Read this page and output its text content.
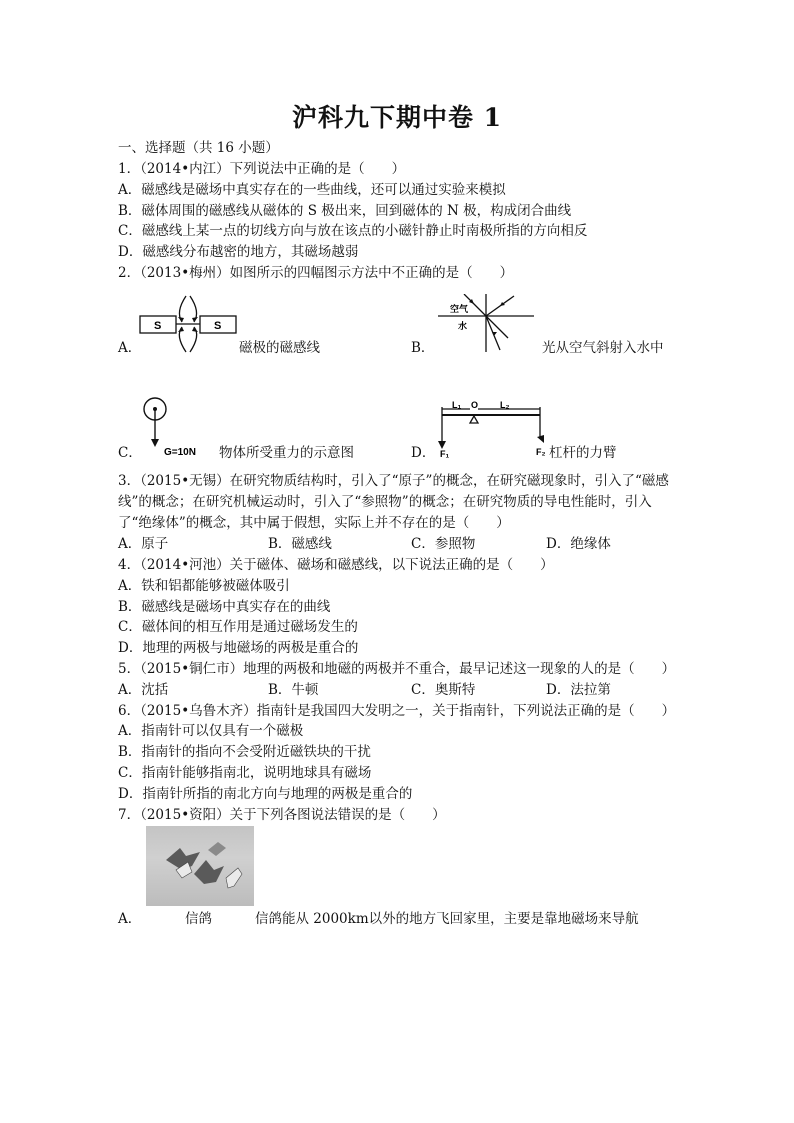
沪科九下期中卷 1
一、选择题（共 16 小题）
1．（2014•内江）下列说法中正确的是（　　）
A．磁感线是磁场中真实存在的一些曲线，还可以通过实验来模拟
B．磁体周围的磁感线从磁体的 S 极出来，回到磁体的 N 极，构成闭合曲线
C．磁感线上某一点的切线方向与放在该点的小磁针静止时南极所指的方向相反
D．磁感线分布越密的地方，其磁场越弱
2．（2013•梅州）如图所示的四幅图示方法中不正确的是（　　）
S	S
A．	磁极的磁感线
空气
水
B．	光从空气斜射入水中
G=10N
C．	物体所受重力的示意图
L₁ O L₂
F₁	F₂
D．	杠杆的力臂
3．（2015•无锡）在研究物质结构时，引入了“原子”的概念，在研究磁现象时，引入了“磁感
线”的概念；在研究机械运动时，引入了“参照物”的概念；在研究物质的导电性能时，引入
了“绝缘体”的概念，其中属于假想，实际上并不存在的是（　　）
A．原子	B．磁感线	C．参照物	D．绝缘体
4．（2014•河池）关于磁体、磁场和磁感线，以下说法正确的是（　　）
A．铁和铝都能够被磁体吸引
B．磁感线是磁场中真实存在的曲线
C．磁体间的相互作用是通过磁场发生的
D．地理的两极与地磁场的两极是重合的
5．（2015•铜仁市）地理的两极和地磁的两极并不重合，最早记述这一现象的人的是（　　）
A．沈括	B．牛顿	C．奥斯特	D．法拉第
6．（2015•乌鲁木齐）指南针是我国四大发明之一，关于指南针，下列说法正确的是（　　）
A．指南针可以仅具有一个磁极
B．指南针的指向不会受附近磁铁块的干扰
C．指南针能够指南北，说明地球具有磁场
D．指南针所指的南北方向与地理的两极是重合的
7．（2015•资阳）关于下列各图说法错误的是（　　）
A．	信鸽	信鸽能从 2000km以外的地方飞回家里，主要是靠地磁场来导航
